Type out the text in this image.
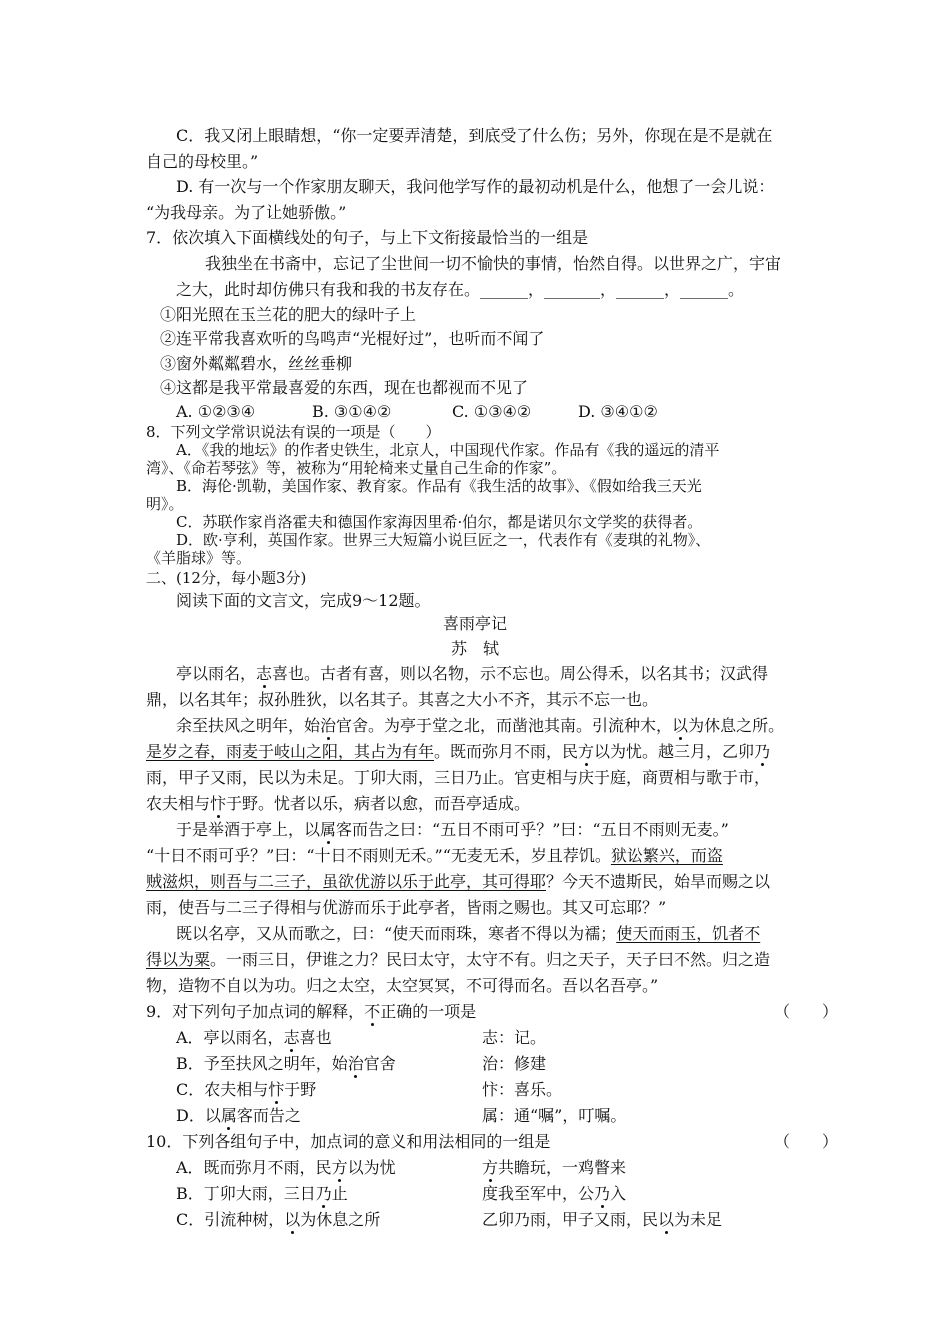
C．我又闭上眼睛想，“你一定要弄清楚，到底受了什么伤；另外，你现在是不是就在
自己的母校里。”
D. 有一次与一个作家朋友聊天，我问他学写作的最初动机是什么，他想了一会儿说：
“为我母亲。为了让她骄傲。”
7．依次填入下面横线处的句子，与上下文衔接最恰当的一组是
我独坐在书斋中，忘记了尘世间一切不愉快的事情，怡然自得。以世界之广，宇宙
之大，此时却仿佛只有我和我的书友存在。______，_______，______，______。
①阳光照在玉兰花的肥大的绿叶子上
②连平常我喜欢听的鸟鸣声“光棍好过”，也听而不闻了
③窗外粼粼碧水，丝丝垂柳
④这都是我平常最喜爱的东西，现在也都视而不见了
A. ①②③④	B. ③①④②	C. ①③④②	D. ③④①②
8．下列文学常识说法有误的一项是（　　）
A．《我的地坛》的作者史铁生，北京人，中国现代作家。作品有《我的遥远的清平
湾》、《命若琴弦》等，被称为“用轮椅来丈量自己生命的作家”。
B．海伦·凯勒，美国作家、教育家。作品有《我生活的故事》、《假如给我三天光
明》。
C．苏联作家肖洛霍夫和德国作家海因里希·伯尔，都是诺贝尔文学奖的获得者。
D．欧·亨利，英国作家。世界三大短篇小说巨匠之一，代表作有《麦琪的礼物》、
《羊脂球》等。
二、(12分，每小题3分)
阅读下面的文言文，完成9～12题。
喜雨亭记
苏　轼
亭以雨名，志喜也。古者有喜，则以名物，示不忘也。周公得禾，以名其书；汉武得
鼎，以名其年；叔孙胜狄，以名其子。其喜之大小不齐，其示不忘一也。
余至扶风之明年，始治官舍。为亭于堂之北，而凿池其南。引流种木，以为休息之所。
是岁之春，雨麦于岐山之阳，其占为有年。既而弥月不雨，民方以为忧。越三月，乙卯乃
雨，甲子又雨，民以为未足。丁卯大雨，三日乃止。官吏相与庆于庭，商贾相与歌于市，
农夫相与忭于野。忧者以乐，病者以愈，而吾亭适成。
于是举酒于亭上，以属客而告之曰：“五日不雨可乎？”曰：“五日不雨则无麦。”
“十日不雨可乎？”曰：“十日不雨则无禾。”“无麦无禾，岁且荐饥。狱讼繁兴，而盗
贼滋炽，则吾与二三子，虽欲优游以乐于此亭，其可得耶？今天不遗斯民，始旱而赐之以
雨，使吾与二三子得相与优游而乐于此亭者，皆雨之赐也。其又可忘耶？”
既以名亭，又从而歌之，曰：“使天而雨珠，寒者不得以为襦；使天而雨玉，饥者不
得以为粟。一雨三日，伊谁之力？民曰太守，太守不有。归之天子，天子曰不然。归之造
物，造物不自以为功。归之太空，太空冥冥，不可得而名。吾以名吾亭。”
9．对下列句子加点词的解释，不正确的一项是	（　　）
A．亭以雨名，志喜也	志：记。
B．予至扶风之明年，始治官舍	治：修建
C．农夫相与忭于野	忭：喜乐。
D．以属客而告之	属：通“嘱”，叮嘱。
10．下列各组句子中，加点词的意义和用法相同的一组是	（　　）
A．既而弥月不雨，民方以为忧	方共瞻玩，一鸡瞥来
B．丁卯大雨，三日乃止	度我至军中，公乃入
C．引流种树，以为休息之所	乙卯乃雨，甲子又雨，民以为未足
